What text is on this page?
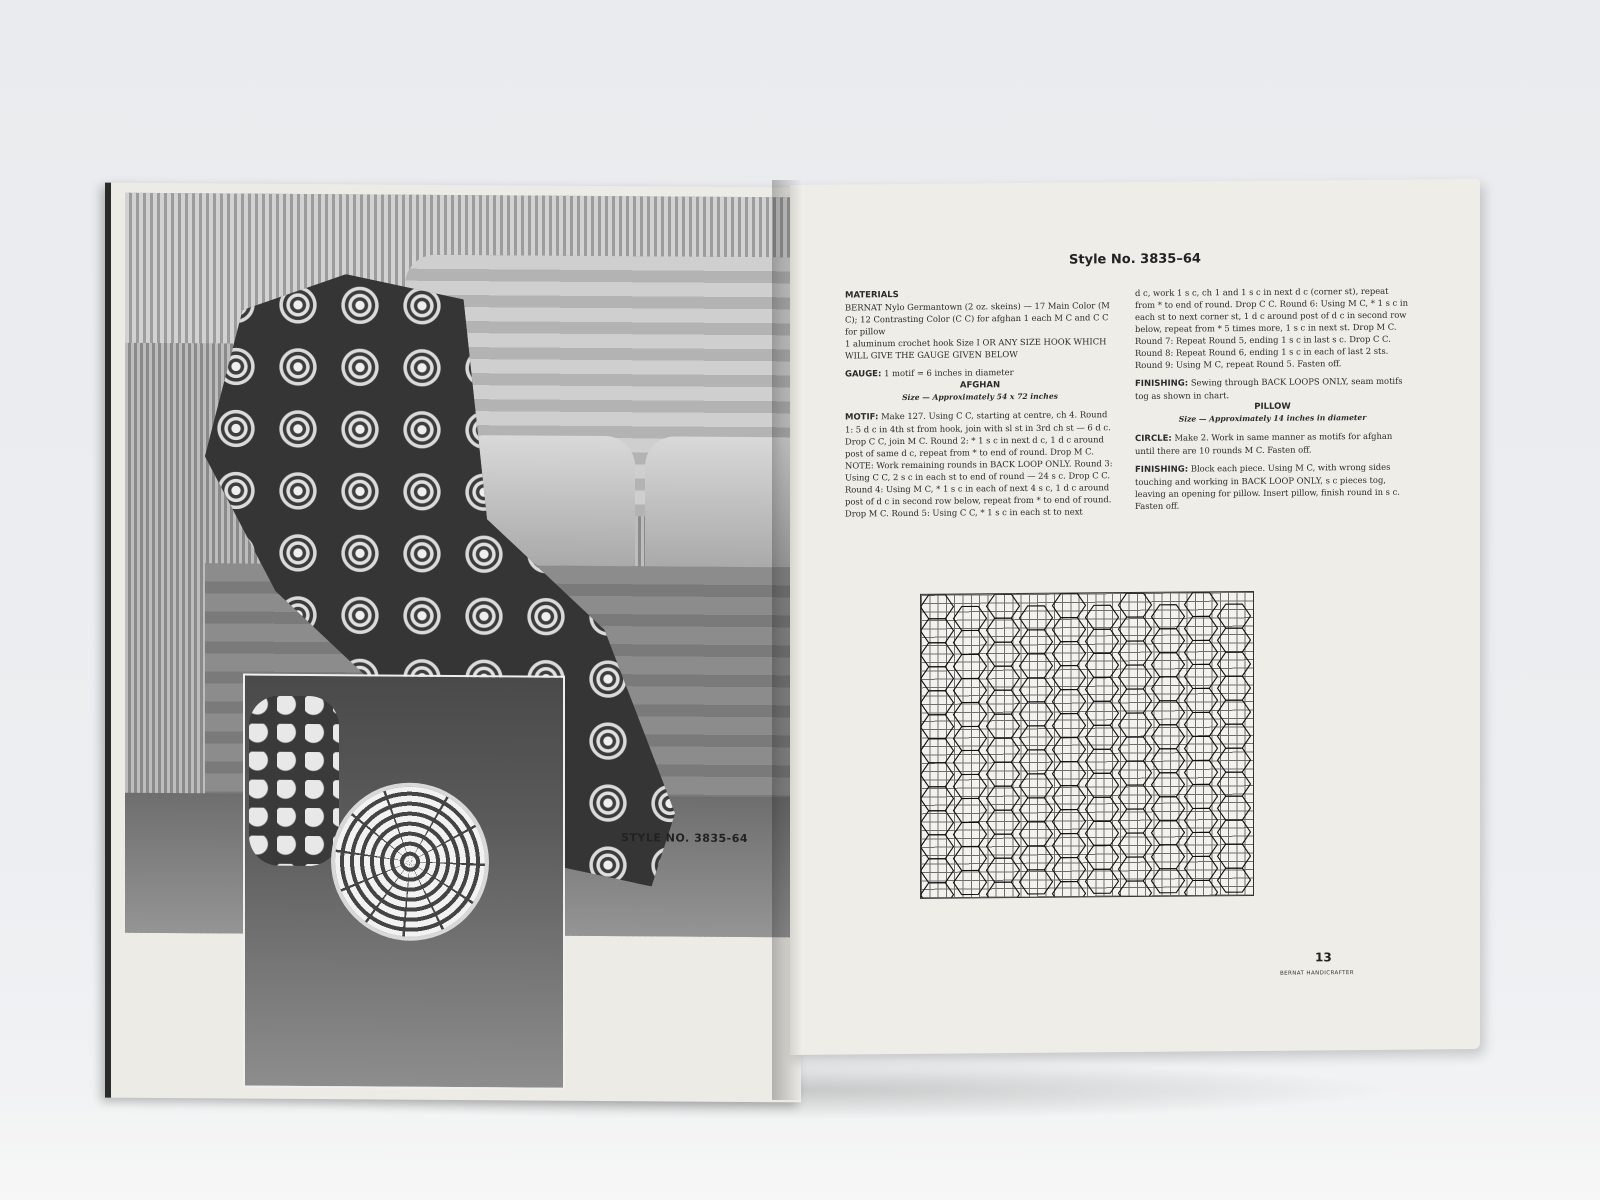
STYLE NO. 3835-64
Style No. 3835–64
MATERIALS
BERNAT Nylo Germantown (2 oz. skeins) — 17 Main Color (M C); 12 Contrasting Color (C C) for afghan 1 each M C and C C for pillow
1 aluminum crochet hook Size I OR ANY SIZE HOOK WHICH WILL GIVE THE GAUGE GIVEN BELOW
GAUGE: 1 motif = 6 inches in diameter
AFGHAN
Size — Approximately 54 x 72 inches
MOTIF: Make 127. Using C C, starting at centre, ch 4. Round 1: 5 d c in 4th st from hook, join with sl st in 3rd ch st — 6 d c. Drop C C, join M C. Round 2: * 1 s c in next d c, 1 d c around post of same d c, repeat from * to end of round. Drop M C. NOTE: Work remaining rounds in BACK LOOP ONLY. Round 3: Using C C, 2 s c in each st to end of round — 24 s c. Drop C C. Round 4: Using M C, * 1 s c in each of next 4 s c, 1 d c around post of d c in second row below, repeat from * to end of round. Drop M C. Round 5: Using C C, * 1 s c in each st to next
d c, work 1 s c, ch 1 and 1 s c in next d c (corner st), repeat from * to end of round. Drop C C. Round 6: Using M C, * 1 s c in each st to next corner st, 1 d c around post of d c in second row below, repeat from * 5 times more, 1 s c in next st. Drop M C. Round 7: Repeat Round 5, ending 1 s c in last s c. Drop C C. Round 8: Repeat Round 6, ending 1 s c in each of last 2 sts. Round 9: Using M C, repeat Round 5. Fasten off.
FINISHING: Sewing through BACK LOOPS ONLY, seam motifs tog as shown in chart.
PILLOW
Size — Approximately 14 inches in diameter
CIRCLE: Make 2. Work in same manner as motifs for afghan until there are 10 rounds M C. Fasten off.
FINISHING: Block each piece. Using M C, with wrong sides touching and working in BACK LOOP ONLY, s c pieces tog, leaving an opening for pillow. Insert pillow, finish round in s c. Fasten off.
13
BERNAT HANDICRAFTER
